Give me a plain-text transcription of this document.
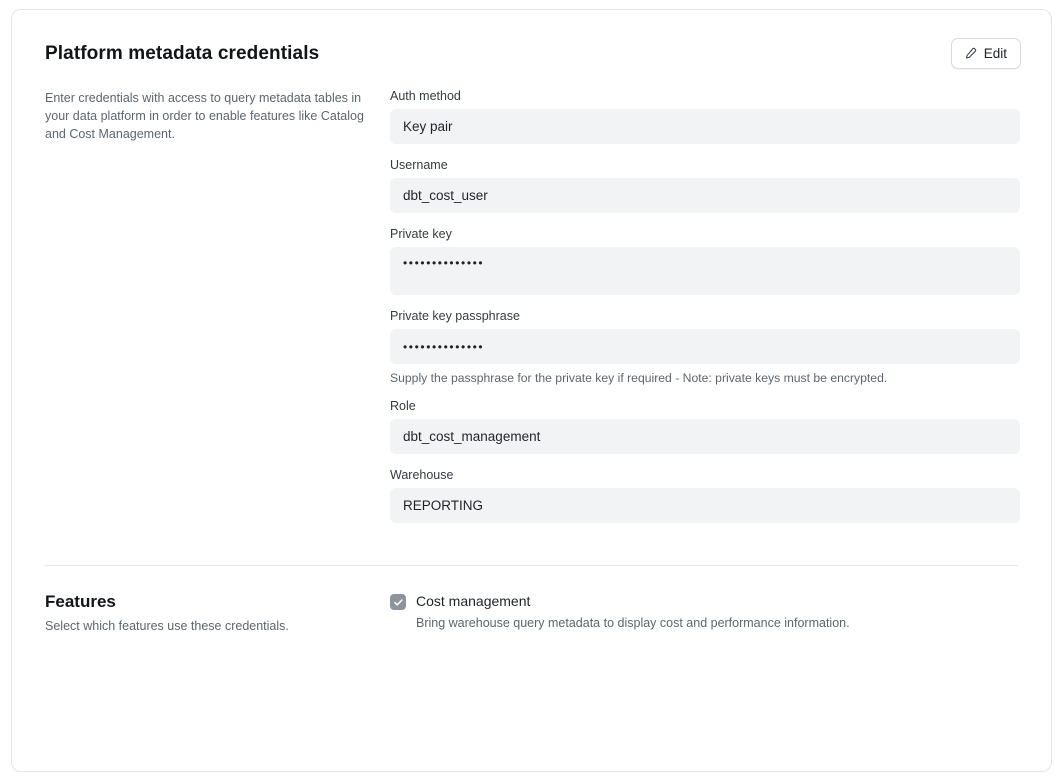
Platform metadata credentials	Edit

Enter credentials with access to query metadata tables in your data platform in order to enable features like Catalog and Cost Management.

Auth method
Key pair
Username
dbt_cost_user
Private key
••••••••••••••
Private key passphrase
••••••••••••••
Supply the passphrase for the private key if required - Note: private keys must be encrypted.
Role
dbt_cost_management
Warehouse
REPORTING
Features

Select which features use these credentials.

Cost management
Bring warehouse query metadata to display cost and performance information.
